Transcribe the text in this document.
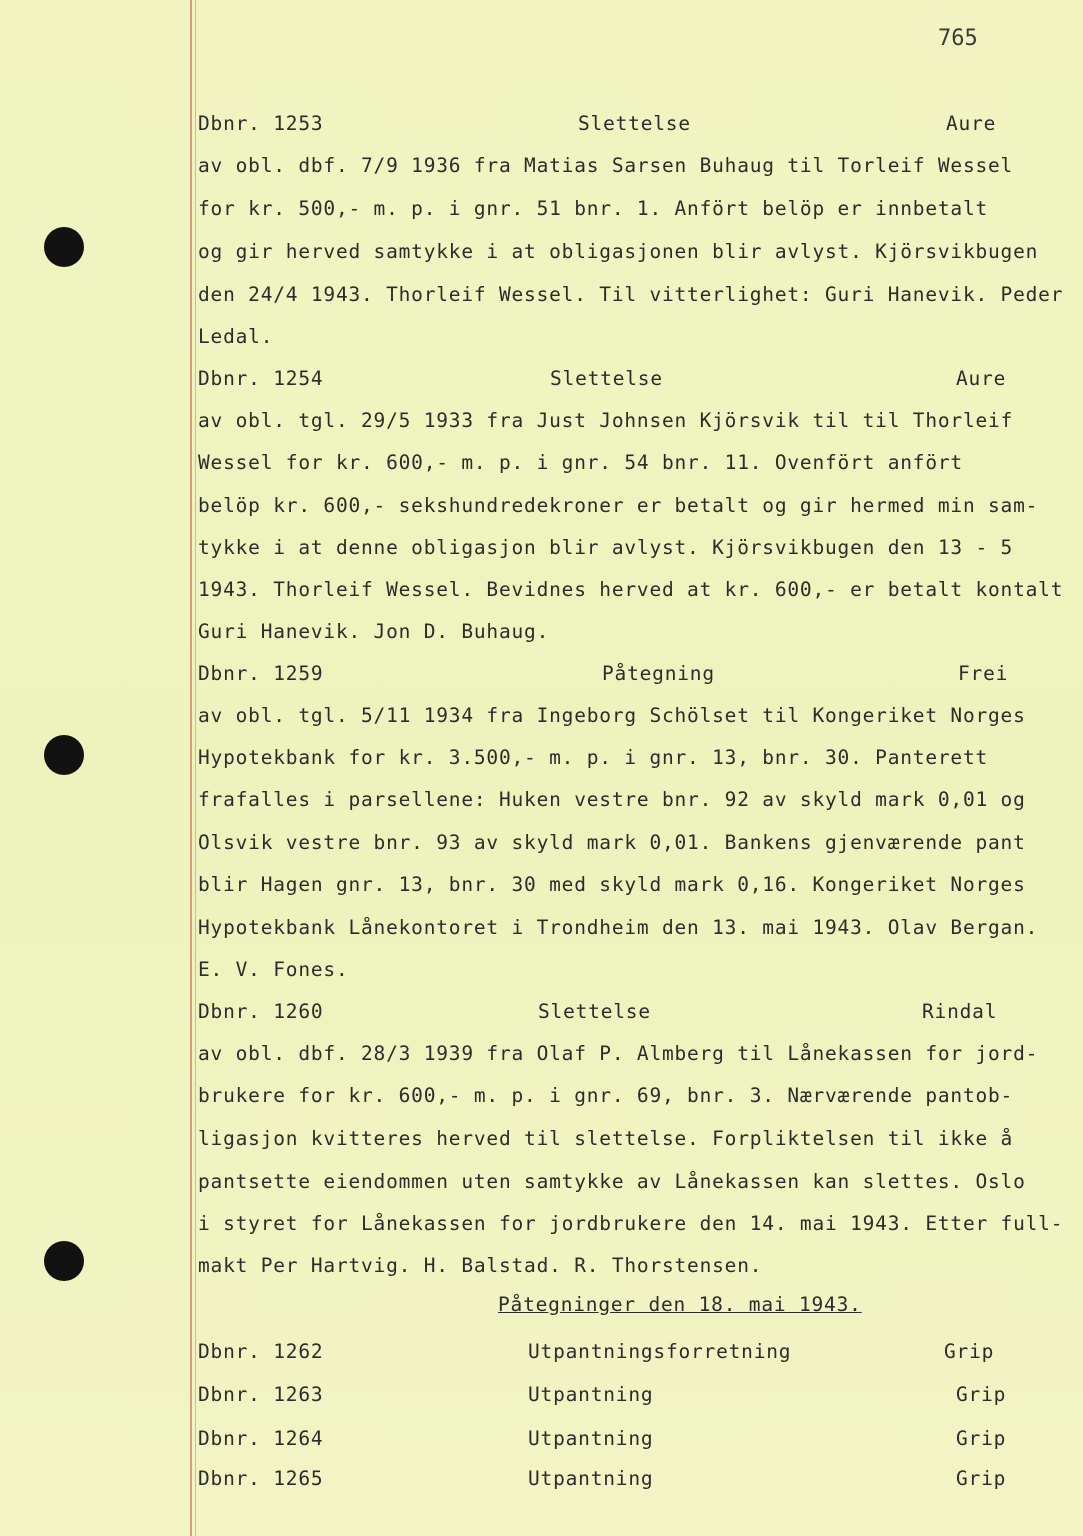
765
Dbnr. 1253	Slettelse	Aure
av obl. dbf. 7/9 1936 fra Matias Sarsen Buhaug til Torleif Wessel
for kr. 500,- m. p. i gnr. 51 bnr. 1. Anfört belöp er innbetalt
og gir herved samtykke i at obligasjonen blir avlyst. Kjörsvikbugen
den 24/4 1943. Thorleif Wessel. Til vitterlighet: Guri Hanevik. Peder
Ledal.
Dbnr. 1254	Slettelse	Aure
av obl. tgl. 29/5 1933 fra Just Johnsen Kjörsvik til til Thorleif
Wessel for kr. 600,- m. p. i gnr. 54 bnr. 11. Ovenfört anfört
belöp kr. 600,- sekshundredekroner er betalt og gir hermed min sam-
tykke i at denne obligasjon blir avlyst. Kjörsvikbugen den 13 - 5
1943. Thorleif Wessel. Bevidnes herved at kr. 600,- er betalt kontalt
Guri Hanevik. Jon D. Buhaug.
Dbnr. 1259	Påtegning	Frei
av obl. tgl. 5/11 1934 fra Ingeborg Schölset til Kongeriket Norges
Hypotekbank for kr. 3.500,- m. p. i gnr. 13, bnr. 30. Panterett
frafalles i parsellene: Huken vestre bnr. 92 av skyld mark 0,01 og
Olsvik vestre bnr. 93 av skyld mark 0,01. Bankens gjenværende pant
blir Hagen gnr. 13, bnr. 30 med skyld mark 0,16. Kongeriket Norges
Hypotekbank Lånekontoret i Trondheim den 13. mai 1943. Olav Bergan.
E. V. Fones.
Dbnr. 1260	Slettelse	Rindal
av obl. dbf. 28/3 1939 fra Olaf P. Almberg til Lånekassen for jord-
brukere for kr. 600,- m. p. i gnr. 69, bnr. 3. Nærværende pantob-
ligasjon kvitteres herved til slettelse. Forpliktelsen til ikke å
pantsette eiendommen uten samtykke av Lånekassen kan slettes. Oslo
i styret for Lånekassen for jordbrukere den 14. mai 1943. Etter full-
makt Per Hartvig. H. Balstad. R. Thorstensen.
Påtegninger den 18. mai 1943.
Dbnr. 1262	Utpantningsforretning	Grip
Dbnr. 1263	Utpantning	Grip
Dbnr. 1264	Utpantning	Grip
Dbnr. 1265	Utpantning	Grip
